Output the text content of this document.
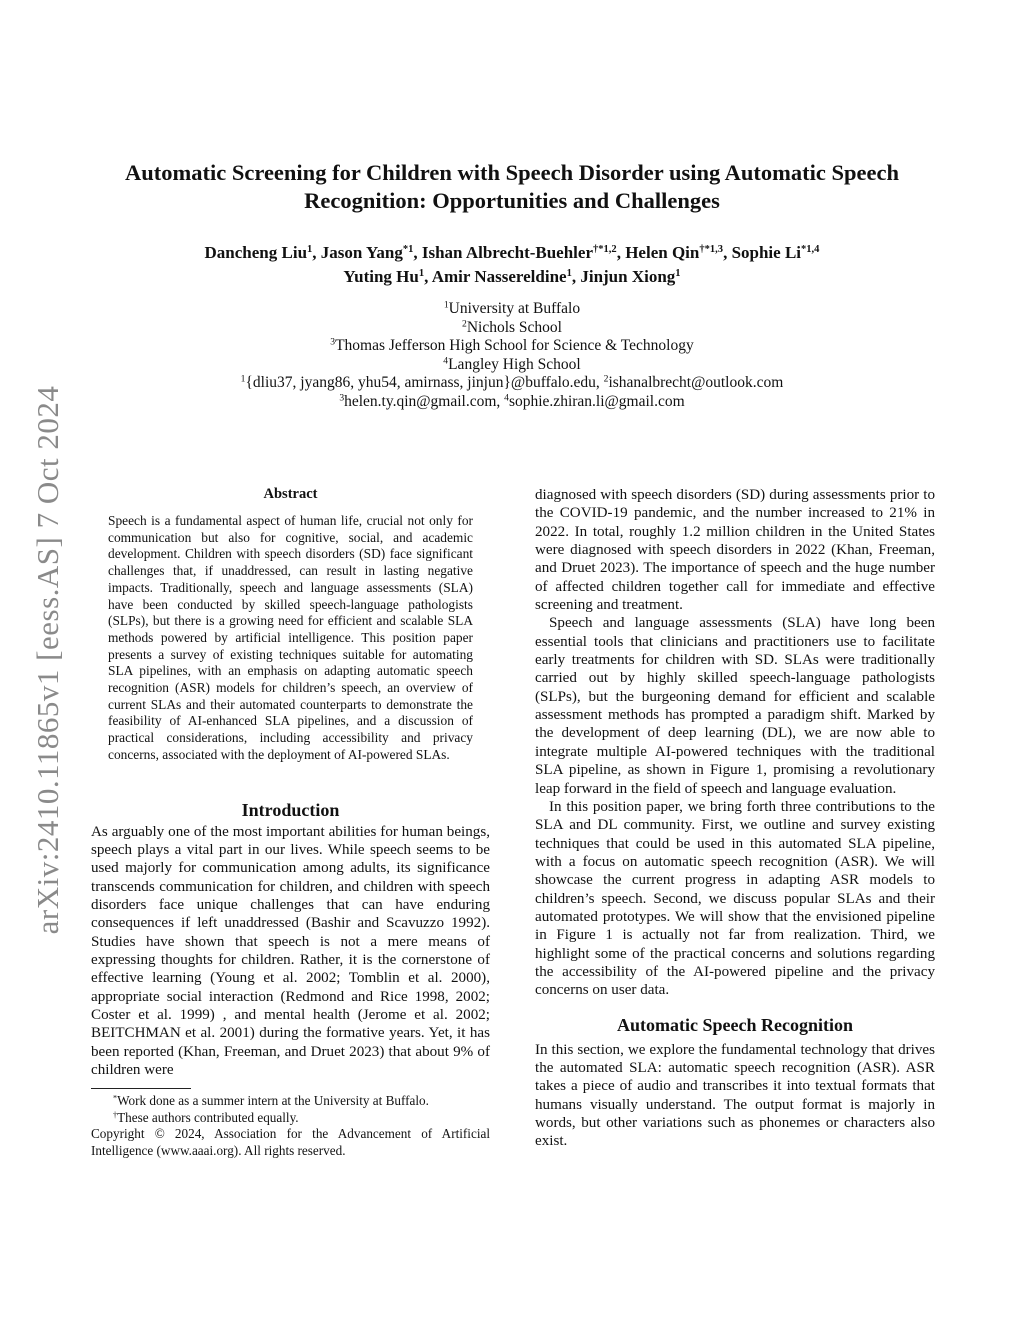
arXiv:2410.11865v1 [eess.AS] 7 Oct 2024
Automatic Screening for Children with Speech Disorder using Automatic Speech
Recognition: Opportunities and Challenges
Dancheng Liu$^1$, Jason Yang$^{*1}$, Ishan Albrecht-Buehler$^{\dagger*1,2}$, Helen Qin$^{\dagger*1,3}$, Sophie Li$^{*1,4}$
Yuting Hu$^1$, Amir Nassereldine$^1$, Jinjun Xiong$^1$
$^1$University at Buffalo
$^2$Nichols School
$^3$Thomas Jefferson High School for Science & Technology
$^4$Langley High School
$^1${dliu37, jyang86, yhu54, amirnass, jinjun}@buffalo.edu, $^2$ishanalbrecht@outlook.com
$^3$helen.ty.qin@gmail.com, $^4$sophie.zhiran.li@gmail.com
Abstract

Speech is a fundamental aspect of human life, crucial not only for communication but also for cognitive, social, and academic development. Children with speech disorders (SD) face significant challenges that, if unaddressed, can result in lasting negative impacts. Traditionally, speech and language assessments (SLA) have been conducted by skilled speech-language pathologists (SLPs), but there is a growing need for efficient and scalable SLA methods powered by artificial intelligence. This position paper presents a survey of existing techniques suitable for automating SLA pipelines, with an emphasis on adapting automatic speech recognition (ASR) models for children’s speech, an overview of current SLAs and their automated counterparts to demonstrate the feasibility of AI-enhanced SLA pipelines, and a discussion of practical considerations, including accessibility and privacy concerns, associated with the deployment of AI-powered SLAs.

Introduction

As arguably one of the most important abilities for human beings, speech plays a vital part in our lives. While speech seems to be used majorly for communication among adults, its significance transcends communication for children, and children with speech disorders face unique challenges that can have enduring consequences if left unaddressed (Bashir and Scavuzzo 1992). Studies have shown that speech is not a mere means of expressing thoughts for children. Rather, it is the cornerstone of effective learning (Young et al. 2002; Tomblin et al. 2000), appropriate social interaction (Redmond and Rice 1998, 2002; Coster et al. 1999) , and mental health (Jerome et al. 2002; BEITCHMAN et al. 2001) during the formative years. Yet, it has been reported (Khan, Freeman, and Druet 2023) that about 9% of children were

*Work done as a summer intern at the University at Buffalo.

†These authors contributed equally.

Copyright © 2024, Association for the Advancement of Artificial Intelligence (www.aaai.org). All rights reserved.

diagnosed with speech disorders (SD) during assessments prior to the COVID-19 pandemic, and the number increased to 21% in 2022. In total, roughly 1.2 million children in the United States were diagnosed with speech disorders in 2022 (Khan, Freeman, and Druet 2023). The importance of speech and the huge number of affected children together call for immediate and effective screening and treatment.

Speech and language assessments (SLA) have long been essential tools that clinicians and practitioners use to facilitate early treatments for children with SD. SLAs were traditionally carried out by highly skilled speech-language pathologists (SLPs), but the burgeoning demand for efficient and scalable assessment methods has prompted a paradigm shift. Marked by the development of deep learning (DL), we are now able to integrate multiple AI-powered techniques with the traditional SLA pipeline, as shown in Figure 1, promising a revolutionary leap forward in the field of speech and language evaluation.

In this position paper, we bring forth three contributions to the SLA and DL community. First, we outline and survey existing techniques that could be used in this automated SLA pipeline, with a focus on automatic speech recognition (ASR). We will showcase the current progress in adapting ASR models to children’s speech. Second, we discuss popular SLAs and their automated prototypes. We will show that the envisioned pipeline in Figure 1 is actually not far from realization. Third, we highlight some of the practical concerns and solutions regarding the accessibility of the AI-powered pipeline and the privacy concerns on user data.

Automatic Speech Recognition

In this section, we explore the fundamental technology that drives the automated SLA: automatic speech recognition (ASR). ASR takes a piece of audio and transcribes it into textual formats that humans visually understand. The output format is majorly in words, but other variations such as phonemes or characters also exist.
